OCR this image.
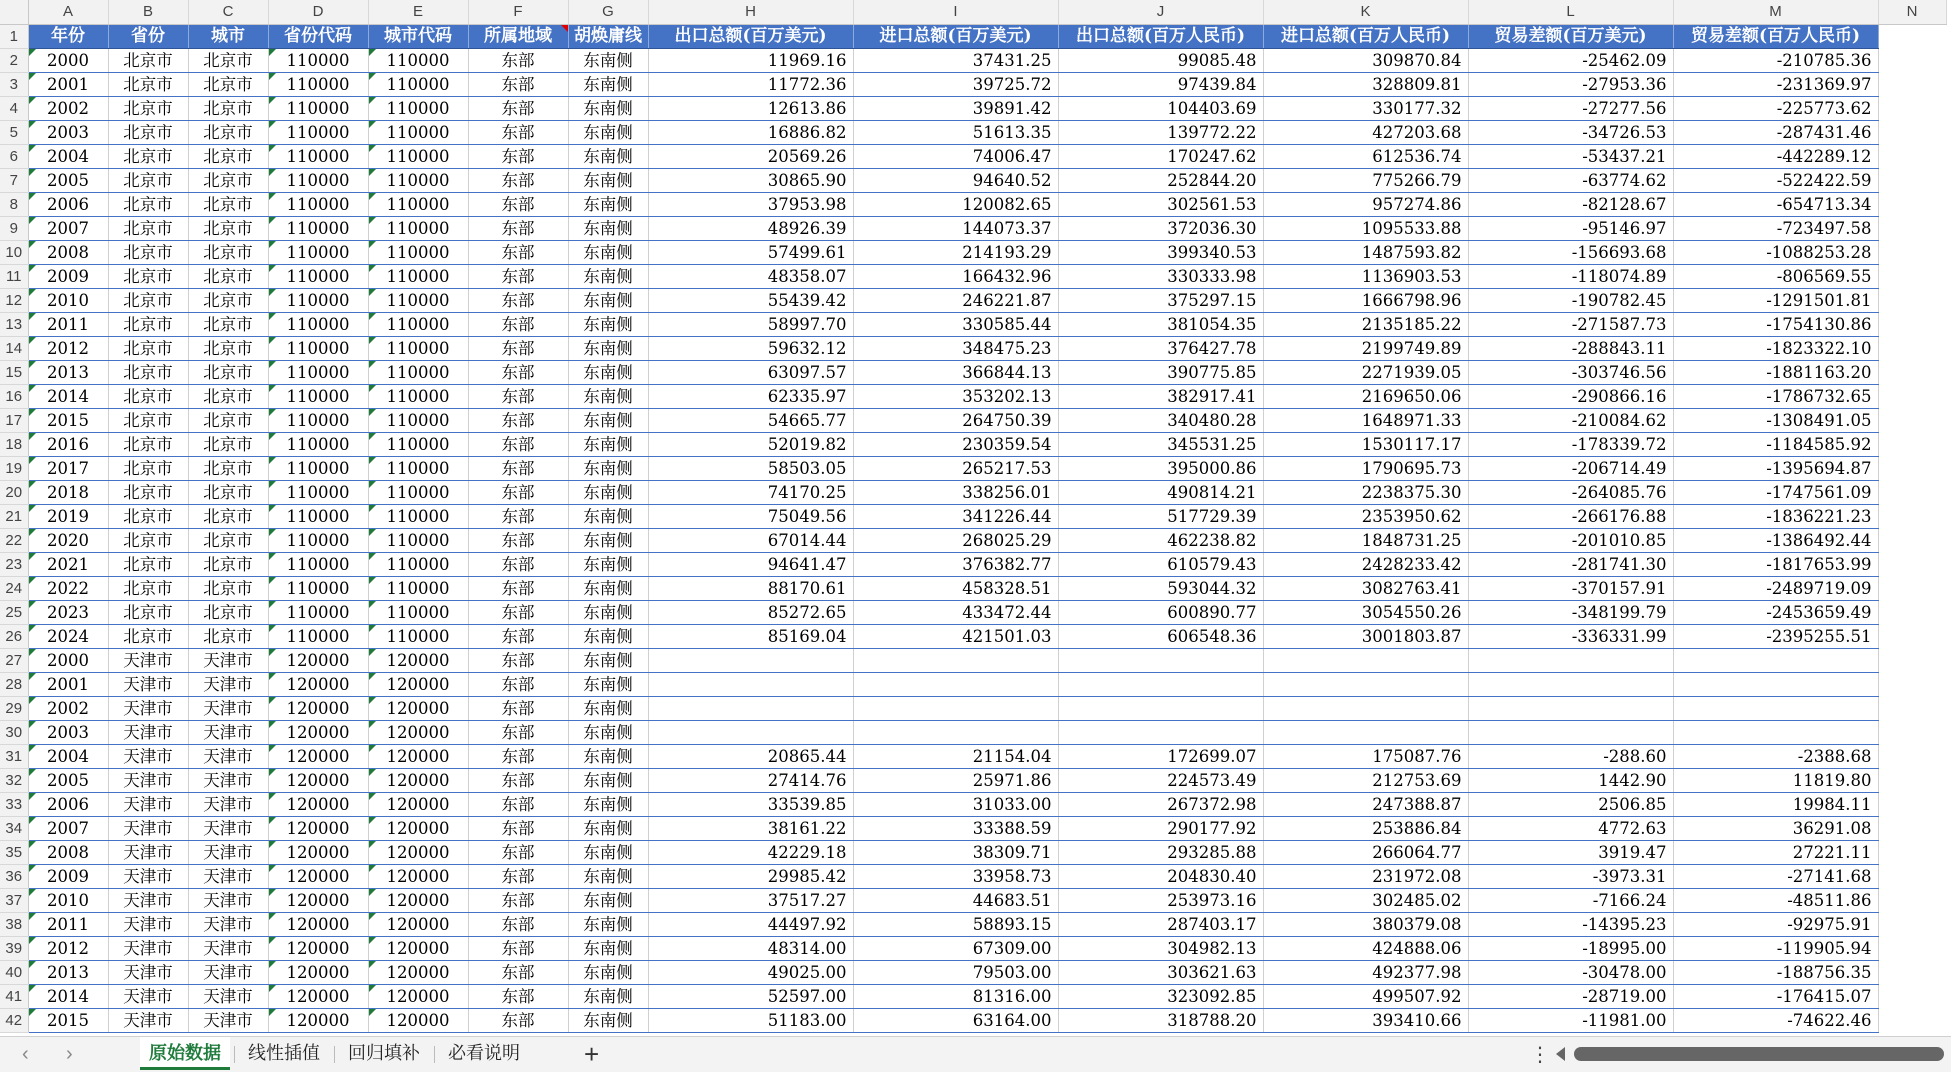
	A	B	C	D	E	F	G	H	I	J	K	L	M	N
1	年份	省份	城市	省份代码	城市代码	所属地域	胡焕庸线	出口总额(百万美元)	进口总额(百万美元)	出口总额(百万人民币)	进口总额(百万人民币)	贸易差额(百万美元)	贸易差额(百万人民币)	
2	2000	北京市	北京市	110000	110000	东部	东南侧	11969.16	37431.25	99085.48	309870.84	-25462.09	-210785.36	
3	2001	北京市	北京市	110000	110000	东部	东南侧	11772.36	39725.72	97439.84	328809.81	-27953.36	-231369.97	
4	2002	北京市	北京市	110000	110000	东部	东南侧	12613.86	39891.42	104403.69	330177.32	-27277.56	-225773.62	
5	2003	北京市	北京市	110000	110000	东部	东南侧	16886.82	51613.35	139772.22	427203.68	-34726.53	-287431.46	
6	2004	北京市	北京市	110000	110000	东部	东南侧	20569.26	74006.47	170247.62	612536.74	-53437.21	-442289.12	
7	2005	北京市	北京市	110000	110000	东部	东南侧	30865.90	94640.52	252844.20	775266.79	-63774.62	-522422.59	
8	2006	北京市	北京市	110000	110000	东部	东南侧	37953.98	120082.65	302561.53	957274.86	-82128.67	-654713.34	
9	2007	北京市	北京市	110000	110000	东部	东南侧	48926.39	144073.37	372036.30	1095533.88	-95146.97	-723497.58	
10	2008	北京市	北京市	110000	110000	东部	东南侧	57499.61	214193.29	399340.53	1487593.82	-156693.68	-1088253.28	
11	2009	北京市	北京市	110000	110000	东部	东南侧	48358.07	166432.96	330333.98	1136903.53	-118074.89	-806569.55	
12	2010	北京市	北京市	110000	110000	东部	东南侧	55439.42	246221.87	375297.15	1666798.96	-190782.45	-1291501.81	
13	2011	北京市	北京市	110000	110000	东部	东南侧	58997.70	330585.44	381054.35	2135185.22	-271587.73	-1754130.86	
14	2012	北京市	北京市	110000	110000	东部	东南侧	59632.12	348475.23	376427.78	2199749.89	-288843.11	-1823322.10	
15	2013	北京市	北京市	110000	110000	东部	东南侧	63097.57	366844.13	390775.85	2271939.05	-303746.56	-1881163.20	
16	2014	北京市	北京市	110000	110000	东部	东南侧	62335.97	353202.13	382917.41	2169650.06	-290866.16	-1786732.65	
17	2015	北京市	北京市	110000	110000	东部	东南侧	54665.77	264750.39	340480.28	1648971.33	-210084.62	-1308491.05	
18	2016	北京市	北京市	110000	110000	东部	东南侧	52019.82	230359.54	345531.25	1530117.17	-178339.72	-1184585.92	
19	2017	北京市	北京市	110000	110000	东部	东南侧	58503.05	265217.53	395000.86	1790695.73	-206714.49	-1395694.87	
20	2018	北京市	北京市	110000	110000	东部	东南侧	74170.25	338256.01	490814.21	2238375.30	-264085.76	-1747561.09	
21	2019	北京市	北京市	110000	110000	东部	东南侧	75049.56	341226.44	517729.39	2353950.62	-266176.88	-1836221.23	
22	2020	北京市	北京市	110000	110000	东部	东南侧	67014.44	268025.29	462238.82	1848731.25	-201010.85	-1386492.44	
23	2021	北京市	北京市	110000	110000	东部	东南侧	94641.47	376382.77	610579.43	2428233.42	-281741.30	-1817653.99	
24	2022	北京市	北京市	110000	110000	东部	东南侧	88170.61	458328.51	593044.32	3082763.41	-370157.91	-2489719.09	
25	2023	北京市	北京市	110000	110000	东部	东南侧	85272.65	433472.44	600890.77	3054550.26	-348199.79	-2453659.49	
26	2024	北京市	北京市	110000	110000	东部	东南侧	85169.04	421501.03	606548.36	3001803.87	-336331.99	-2395255.51	
27	2000	天津市	天津市	120000	120000	东部	东南侧							
28	2001	天津市	天津市	120000	120000	东部	东南侧							
29	2002	天津市	天津市	120000	120000	东部	东南侧							
30	2003	天津市	天津市	120000	120000	东部	东南侧							
31	2004	天津市	天津市	120000	120000	东部	东南侧	20865.44	21154.04	172699.07	175087.76	-288.60	-2388.68	
32	2005	天津市	天津市	120000	120000	东部	东南侧	27414.76	25971.86	224573.49	212753.69	1442.90	11819.80	
33	2006	天津市	天津市	120000	120000	东部	东南侧	33539.85	31033.00	267372.98	247388.87	2506.85	19984.11	
34	2007	天津市	天津市	120000	120000	东部	东南侧	38161.22	33388.59	290177.92	253886.84	4772.63	36291.08	
35	2008	天津市	天津市	120000	120000	东部	东南侧	42229.18	38309.71	293285.88	266064.77	3919.47	27221.11	
36	2009	天津市	天津市	120000	120000	东部	东南侧	29985.42	33958.73	204830.40	231972.08	-3973.31	-27141.68	
37	2010	天津市	天津市	120000	120000	东部	东南侧	37517.27	44683.51	253973.16	302485.02	-7166.24	-48511.86	
38	2011	天津市	天津市	120000	120000	东部	东南侧	44497.92	58893.15	287403.17	380379.08	-14395.23	-92975.91	
39	2012	天津市	天津市	120000	120000	东部	东南侧	48314.00	67309.00	304982.13	424888.06	-18995.00	-119905.94	
40	2013	天津市	天津市	120000	120000	东部	东南侧	49025.00	79503.00	303621.63	492377.98	-30478.00	-188756.35	
41	2014	天津市	天津市	120000	120000	东部	东南侧	52597.00	81316.00	323092.85	499507.92	-28719.00	-176415.07	
42	2015	天津市	天津市	120000	120000	东部	东南侧	51183.00	63164.00	318788.20	393410.66	-11981.00	-74622.46	
‹ ›	原始数据	线性插值	回归填补	必看说明	+	⋮
